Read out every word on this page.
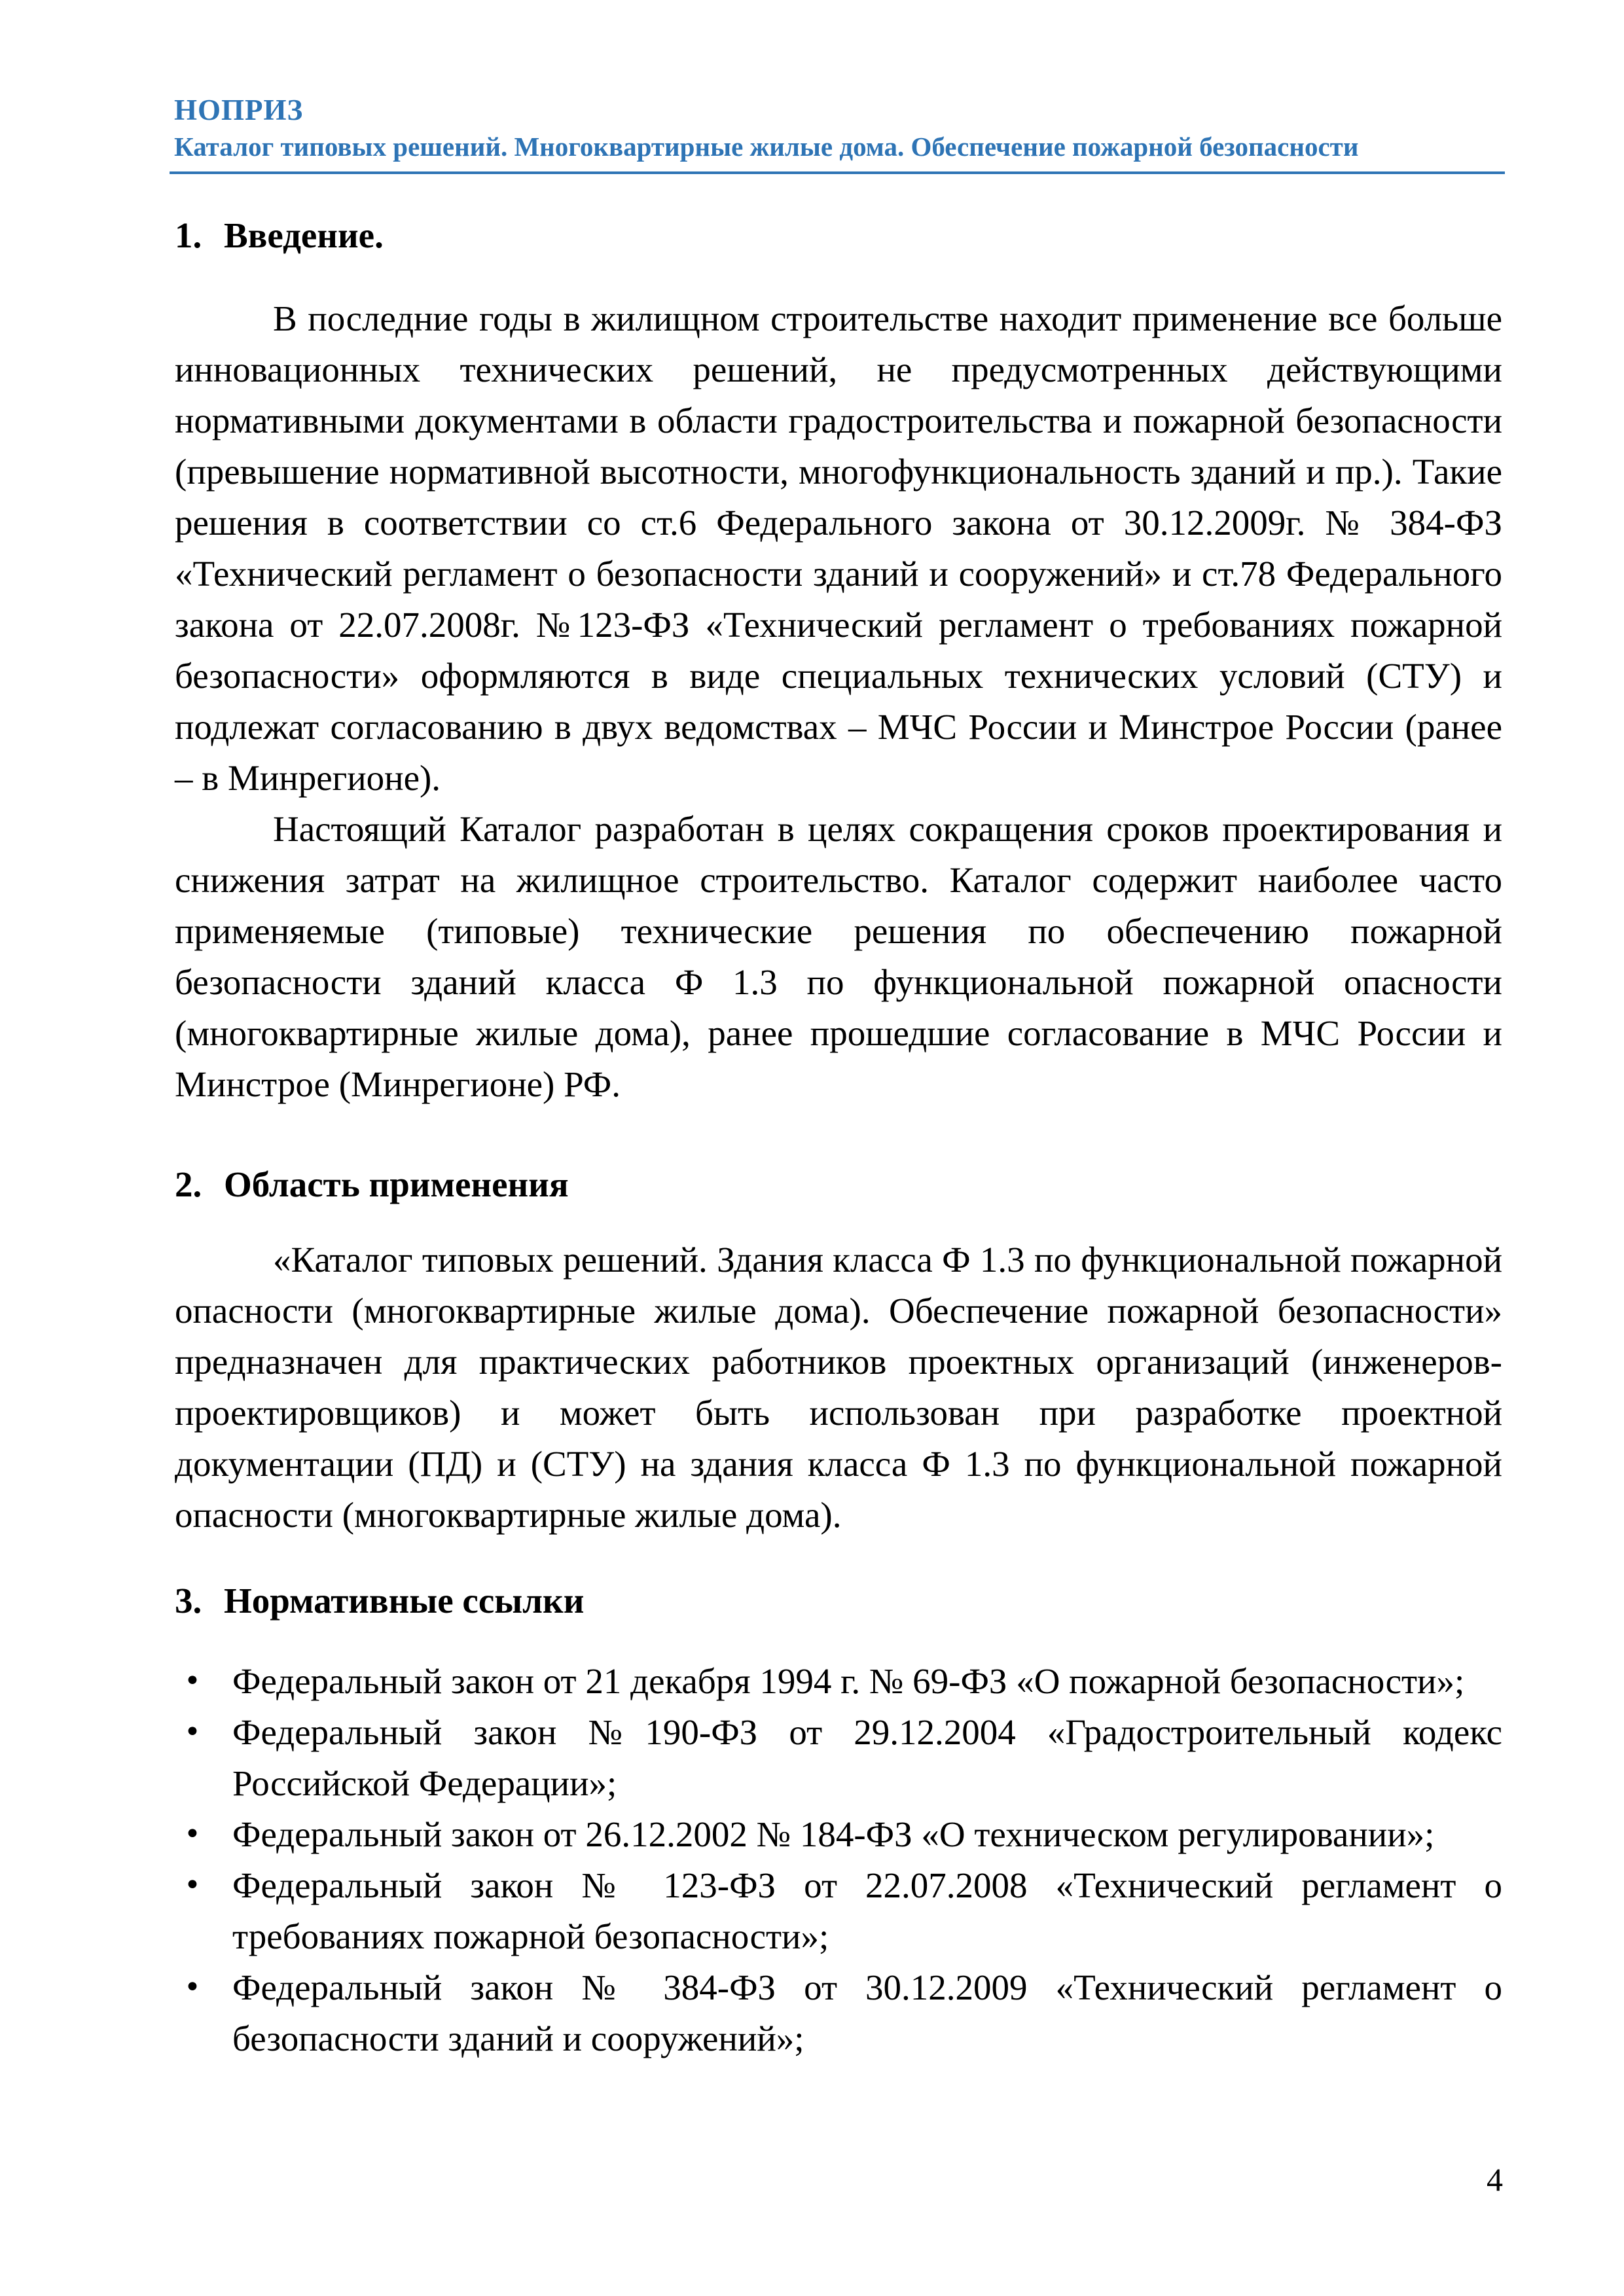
НОПРИЗ
Каталог типовых решений. Многоквартирные жилые дома. Обеспечение пожарной безопасности
1. Введение.

В последние годы в жилищном строительстве находит применение все больше инновационных технических решений, не предусмотренных действующими нормативными документами в области градостроительства и пожарной безопасности (превышение нормативной высотности, многофункциональность зданий и пр.). Такие решения в соответствии со ст.6 Федерального закона от 30.12.2009г. № 384-ФЗ «Технический регламент о безопасности зданий и сооружений» и ст.78 Федерального закона от 22.07.2008г. №123-ФЗ «Технический регламент о требованиях пожарной безопасности» оформляются в виде специальных технических условий (СТУ) и подлежат согласованию в двух ведомствах – МЧС России и Минстрое России (ранее – в Минрегионе).

Настоящий Каталог разработан в целях сокращения сроков проектирования и снижения затрат на жилищное строительство. Каталог содержит наиболее часто применяемые (типовые) технические решения по обеспечению пожарной безопасности зданий класса Ф 1.3 по функциональной пожарной опасности (многоквартирные жилые дома), ранее прошедшие согласование в МЧС России и Минстрое (Минрегионе) РФ.

2. Область применения

«Каталог типовых решений. Здания класса Ф 1.3 по функциональной пожарной опасности (многоквартирные жилые дома). Обеспечение пожарной безопасности» предназначен для практических работников проектных организаций (инженеров-проектировщиков) и может быть использован при разработке проектной документации (ПД) и (СТУ) на здания класса Ф 1.3 по функциональной пожарной опасности (многоквартирные жилые дома).

3. Нормативные ссылки
• Федеральный закон от 21 декабря 1994 г. № 69-ФЗ «О пожарной безопасности»;
• Федеральный закон №190-ФЗ от 29.12.2004 «Градостроительный кодекс Российской Федерации»;
• Федеральный закон от 26.12.2002 № 184-ФЗ «О техническом регулировании»;
• Федеральный закон № 123-ФЗ от 22.07.2008 «Технический регламент о требованиях пожарной безопасности»;
• Федеральный закон № 384-ФЗ от 30.12.2009 «Технический регламент о безопасности зданий и сооружений»;
4
